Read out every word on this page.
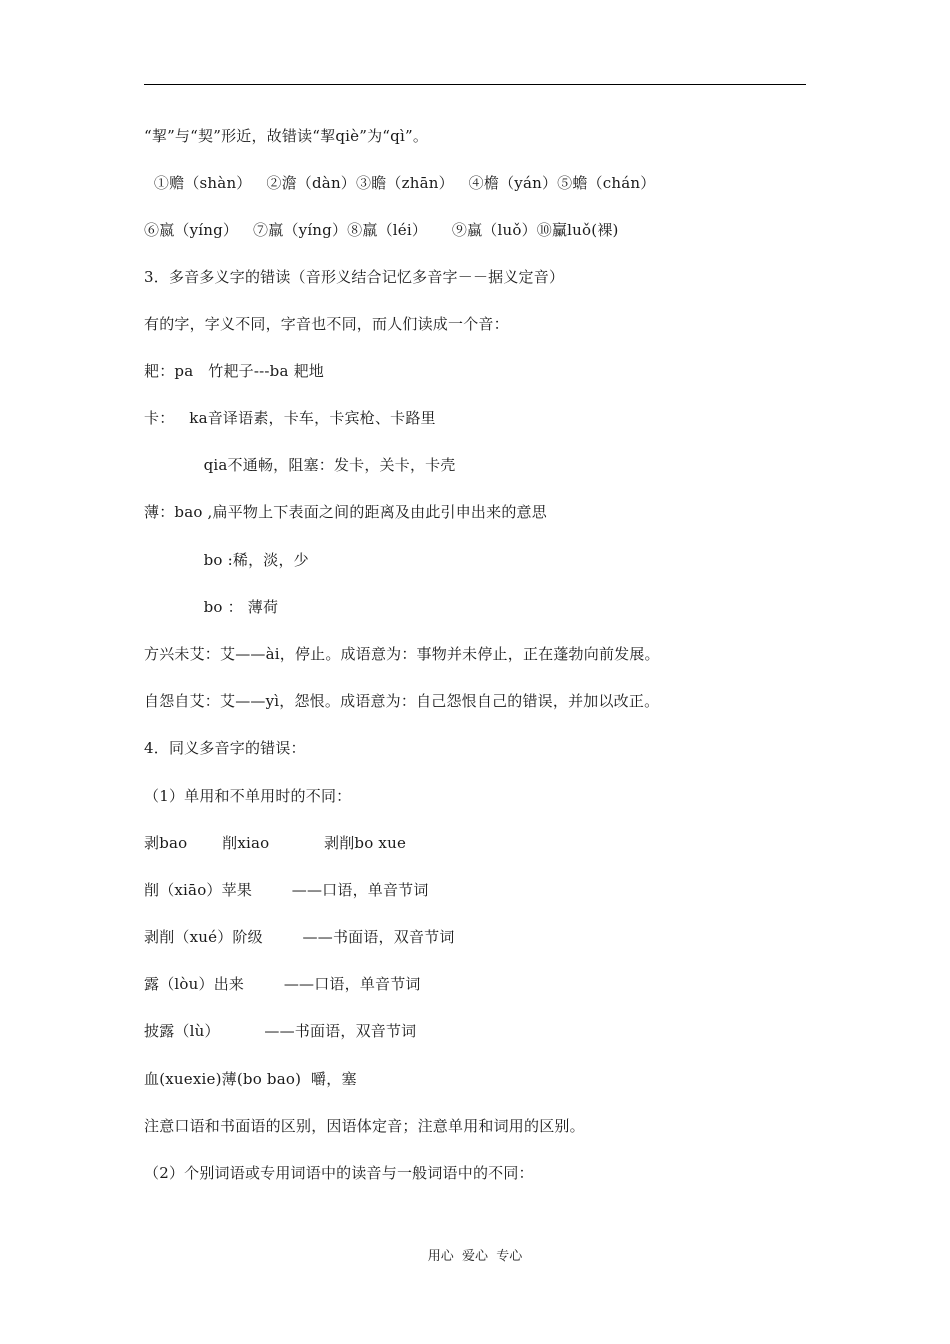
“挈”与“契”形近，故错读“挈qiè”为“qì”。
①赡（shàn）   ②澹（dàn）③瞻（zhān）   ④檐（yán）⑤蟾（chán）
⑥嬴（yíng）   ⑦羸（yíng）⑧羸（léi）     ⑨蠃（luǒ）⑩臝luǒ(裸)
3．多音多义字的错读（音形义结合记忆多音字－－据义定音）
有的字，字义不同，字音也不同，而人们读成一个音：
耙：pa   竹耙子---ba 耙地
卡：   ka音译语素，卡车，卡宾枪、卡路里
qia不通畅，阻塞：发卡，关卡，卡壳
薄：bao ,扁平物上下表面之间的距离及由此引申出来的意思
bo :稀，淡，少
bo ： 薄荷
方兴未艾：艾——ài，停止。成语意为：事物并未停止，正在蓬勃向前发展。
自怨自艾：艾——yì，怨恨。成语意为：自己怨恨自己的错误，并加以改正。
4．同义多音字的错误：
（1）单用和不单用时的不同：
剥bao       削xiao           剥削bo xue
削（xiāo）苹果        ——口语，单音节词
剥削（xué）阶级        ——书面语，双音节词
露（lòu）出来        ——口语，单音节词
披露（lù）         ——书面语，双音节词
血(xuexie)薄(bo bao)  嚼，塞
注意口语和书面语的区别，因语体定音；注意单用和词用的区别。
（2）个别词语或专用词语中的读音与一般词语中的不同：
用心  爱心  专心
